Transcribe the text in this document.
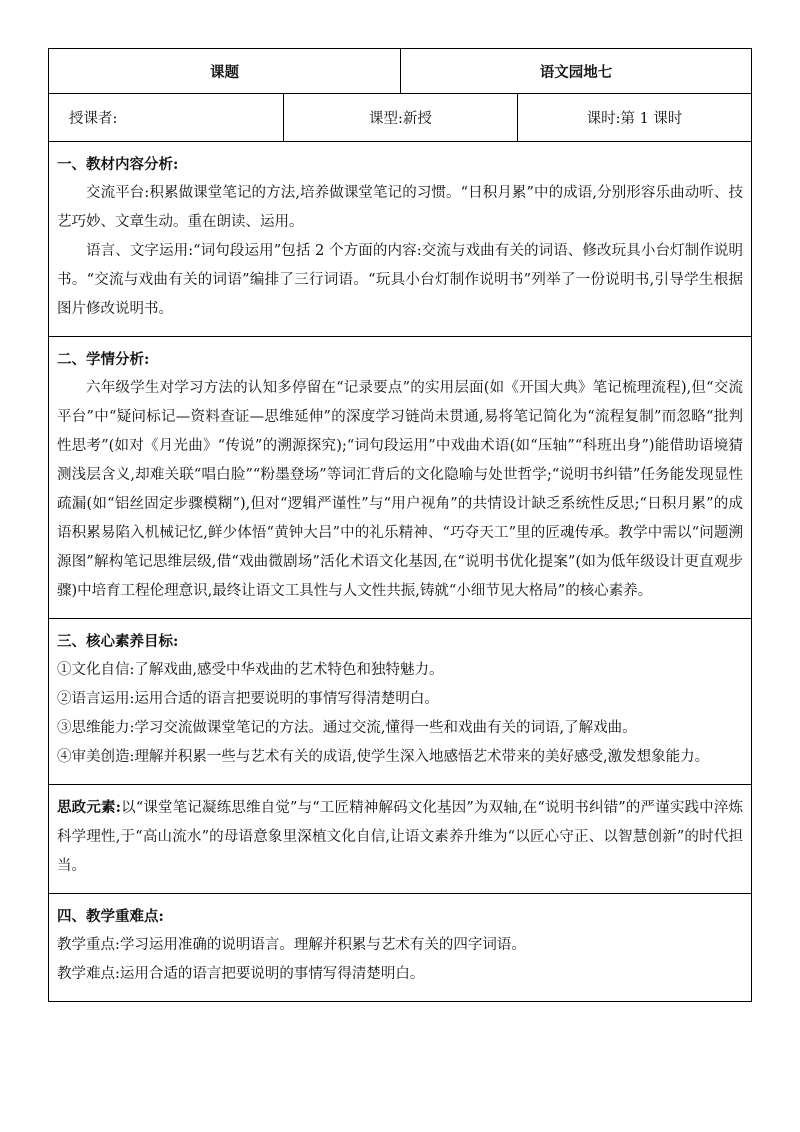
课题	语文园地七
授课者:	课型:新授	课时:第 1 课时

一、教材内容分析:

交流平台:积累做课堂笔记的方法,培养做课堂笔记的习惯。“日积月累”中的成语,分别形容乐曲动听、技艺巧妙、文章生动。重在朗读、运用。

语言、文字运用:“词句段运用”包括 2 个方面的内容:交流与戏曲有关的词语、修改玩具小台灯制作说明书。“交流与戏曲有关的词语”编排了三行词语。“玩具小台灯制作说明书”列举了一份说明书,引导学生根据图片修改说明书。

二、学情分析:

六年级学生对学习方法的认知多停留在“记录要点”的实用层面(如《开国大典》笔记梳理流程),但“交流平台”中“疑问标记—资料查证—思维延伸”的深度学习链尚未贯通,易将笔记简化为“流程复制”而忽略“批判性思考”(如对《月光曲》“传说”的溯源探究);“词句段运用”中戏曲术语(如“压轴”“科班出身”)能借助语境猜测浅层含义,却难关联“唱白脸”“粉墨登场”等词汇背后的文化隐喻与处世哲学;“说明书纠错”任务能发现显性疏漏(如“铝丝固定步骤模糊”),但对“逻辑严谨性”与“用户视角”的共情设计缺乏系统性反思;“日积月累”的成语积累易陷入机械记忆,鲜少体悟“黄钟大吕”中的礼乐精神、“巧夺天工”里的匠魂传承。教学中需以“问题溯源图”解构笔记思维层级,借“戏曲微剧场”活化术语文化基因,在“说明书优化提案”(如为低年级设计更直观步骤)中培育工程伦理意识,最终让语文工具性与人文性共振,铸就“小细节见大格局”的核心素养。

三、核心素养目标:

①文化自信:了解戏曲,感受中华戏曲的艺术特色和独特魅力。

②语言运用:运用合适的语言把要说明的事情写得清楚明白。

③思维能力:学习交流做课堂笔记的方法。通过交流,懂得一些和戏曲有关的词语,了解戏曲。

④审美创造:理解并积累一些与艺术有关的成语,使学生深入地感悟艺术带来的美好感受,激发想象能力。

思政元素:以“课堂笔记凝练思维自觉”与“工匠精神解码文化基因”为双轴,在“说明书纠错”的严谨实践中淬炼科学理性,于“高山流水”的母语意象里深植文化自信,让语文素养升维为“以匠心守正、以智慧创新”的时代担当。

四、教学重难点:

教学重点:学习运用准确的说明语言。理解并积累与艺术有关的四字词语。

教学难点:运用合适的语言把要说明的事情写得清楚明白。
